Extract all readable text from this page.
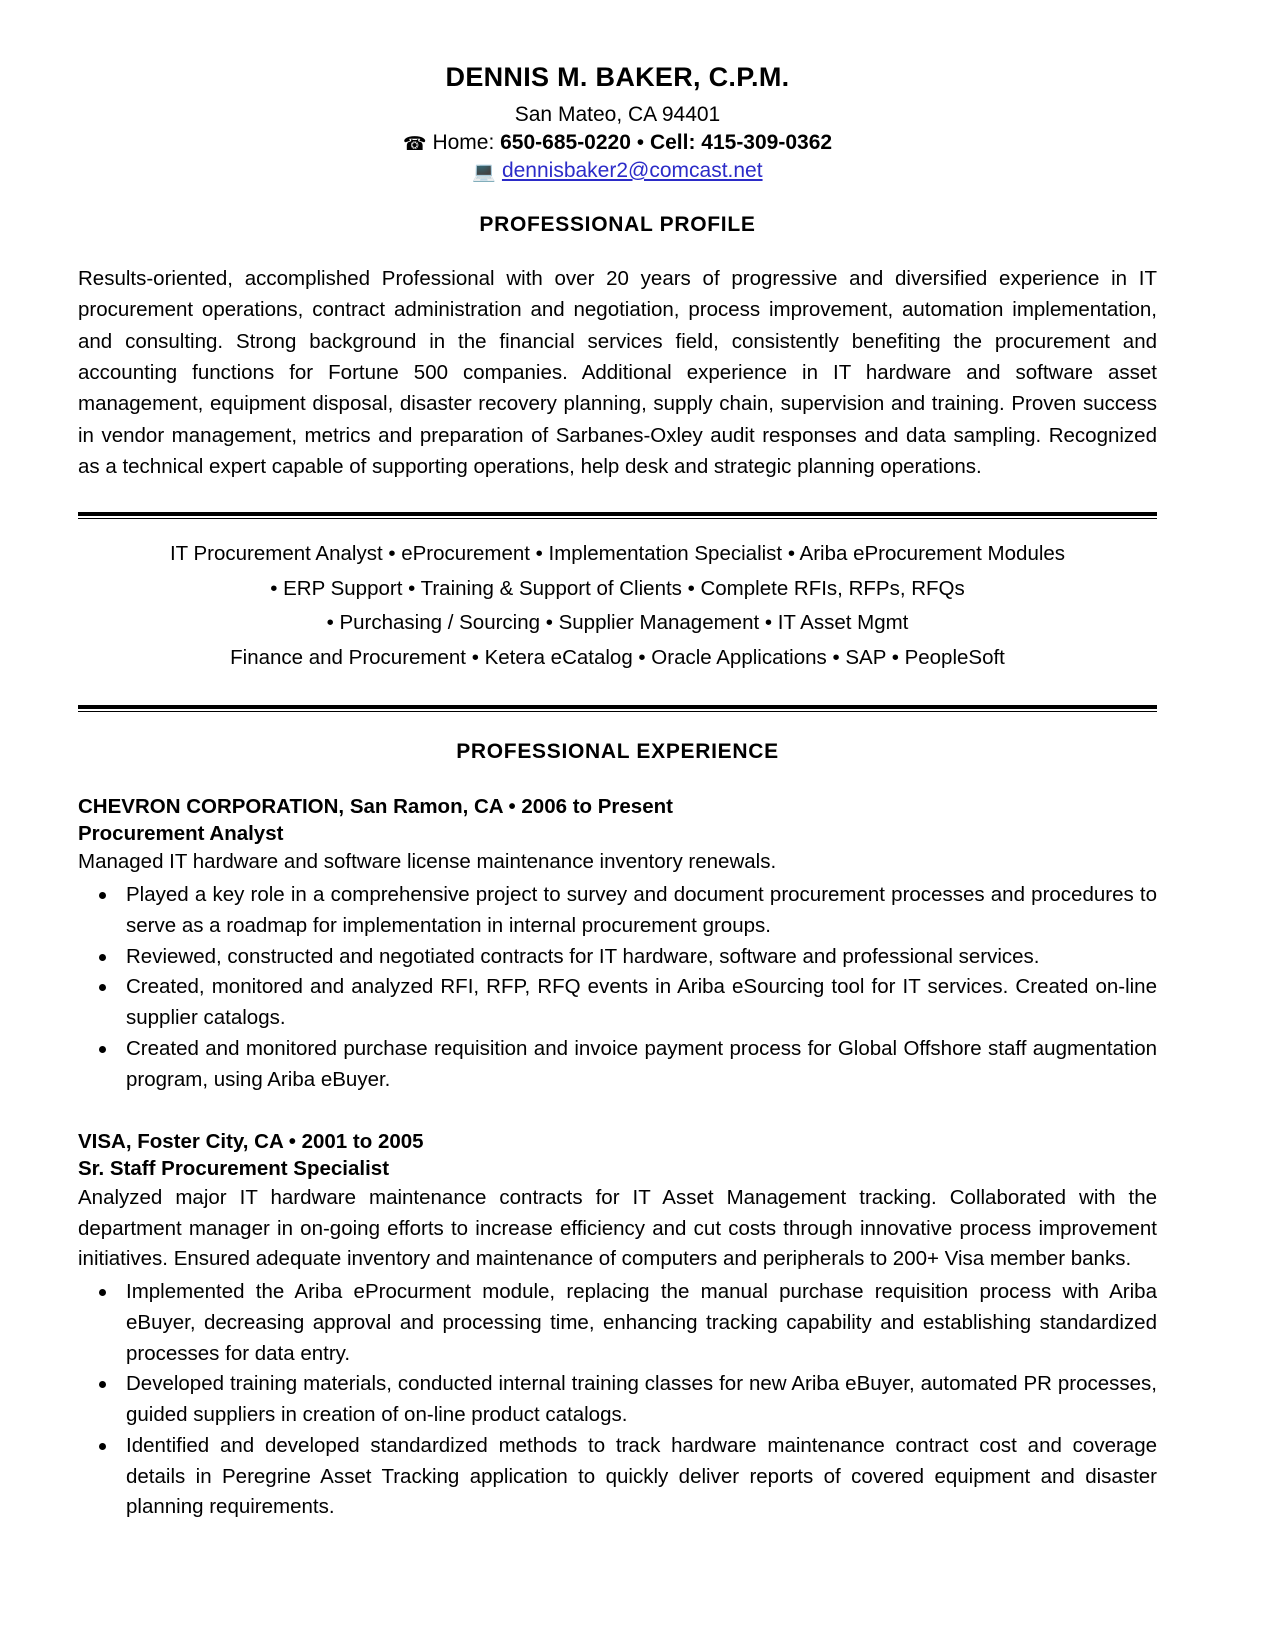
DENNIS M. BAKER, C.P.M.
San Mateo, CA 94401
☎ Home: 650-685-0220 • Cell: 415-309-0362
💻 dennisbaker2@comcast.net
PROFESSIONAL PROFILE

Results-oriented, accomplished Professional with over 20 years of progressive and diversified experience in IT procurement operations, contract administration and negotiation, process improvement, automation implementation, and consulting. Strong background in the financial services field, consistently benefiting the procurement and accounting functions for Fortune 500 companies. Additional experience in IT hardware and software asset management, equipment disposal, disaster recovery planning, supply chain, supervision and training. Proven success in vendor management, metrics and preparation of Sarbanes-Oxley audit responses and data sampling. Recognized as a technical expert capable of supporting operations, help desk and strategic planning operations.

IT Procurement Analyst • eProcurement • Implementation Specialist • Ariba eProcurement Modules
• ERP Support • Training & Support of Clients • Complete RFIs, RFPs, RFQs
• Purchasing / Sourcing • Supplier Management • IT Asset Mgmt
Finance and Procurement • Ketera eCatalog • Oracle Applications • SAP • PeopleSoft
PROFESSIONAL EXPERIENCE
CHEVRON CORPORATION, San Ramon, CA • 2006 to Present
Procurement Analyst

Managed IT hardware and software license maintenance inventory renewals.

Played a key role in a comprehensive project to survey and document procurement processes and procedures to serve as a roadmap for implementation in internal procurement groups.
Reviewed, constructed and negotiated contracts for IT hardware, software and professional services.
Created, monitored and analyzed RFI, RFP, RFQ events in Ariba eSourcing tool for IT services. Created on-line supplier catalogs.
Created and monitored purchase requisition and invoice payment process for Global Offshore staff augmentation program, using Ariba eBuyer.
VISA, Foster City, CA • 2001 to 2005
Sr. Staff Procurement Specialist

Analyzed major IT hardware maintenance contracts for IT Asset Management tracking. Collaborated with the department manager in on-going efforts to increase efficiency and cut costs through innovative process improvement initiatives. Ensured adequate inventory and maintenance of computers and peripherals to 200+ Visa member banks.

Implemented the Ariba eProcurment module, replacing the manual purchase requisition process with Ariba eBuyer, decreasing approval and processing time, enhancing tracking capability and establishing standardized processes for data entry.
Developed training materials, conducted internal training classes for new Ariba eBuyer, automated PR processes, guided suppliers in creation of on-line product catalogs.
Identified and developed standardized methods to track hardware maintenance contract cost and coverage details in Peregrine Asset Tracking application to quickly deliver reports of covered equipment and disaster planning requirements.
